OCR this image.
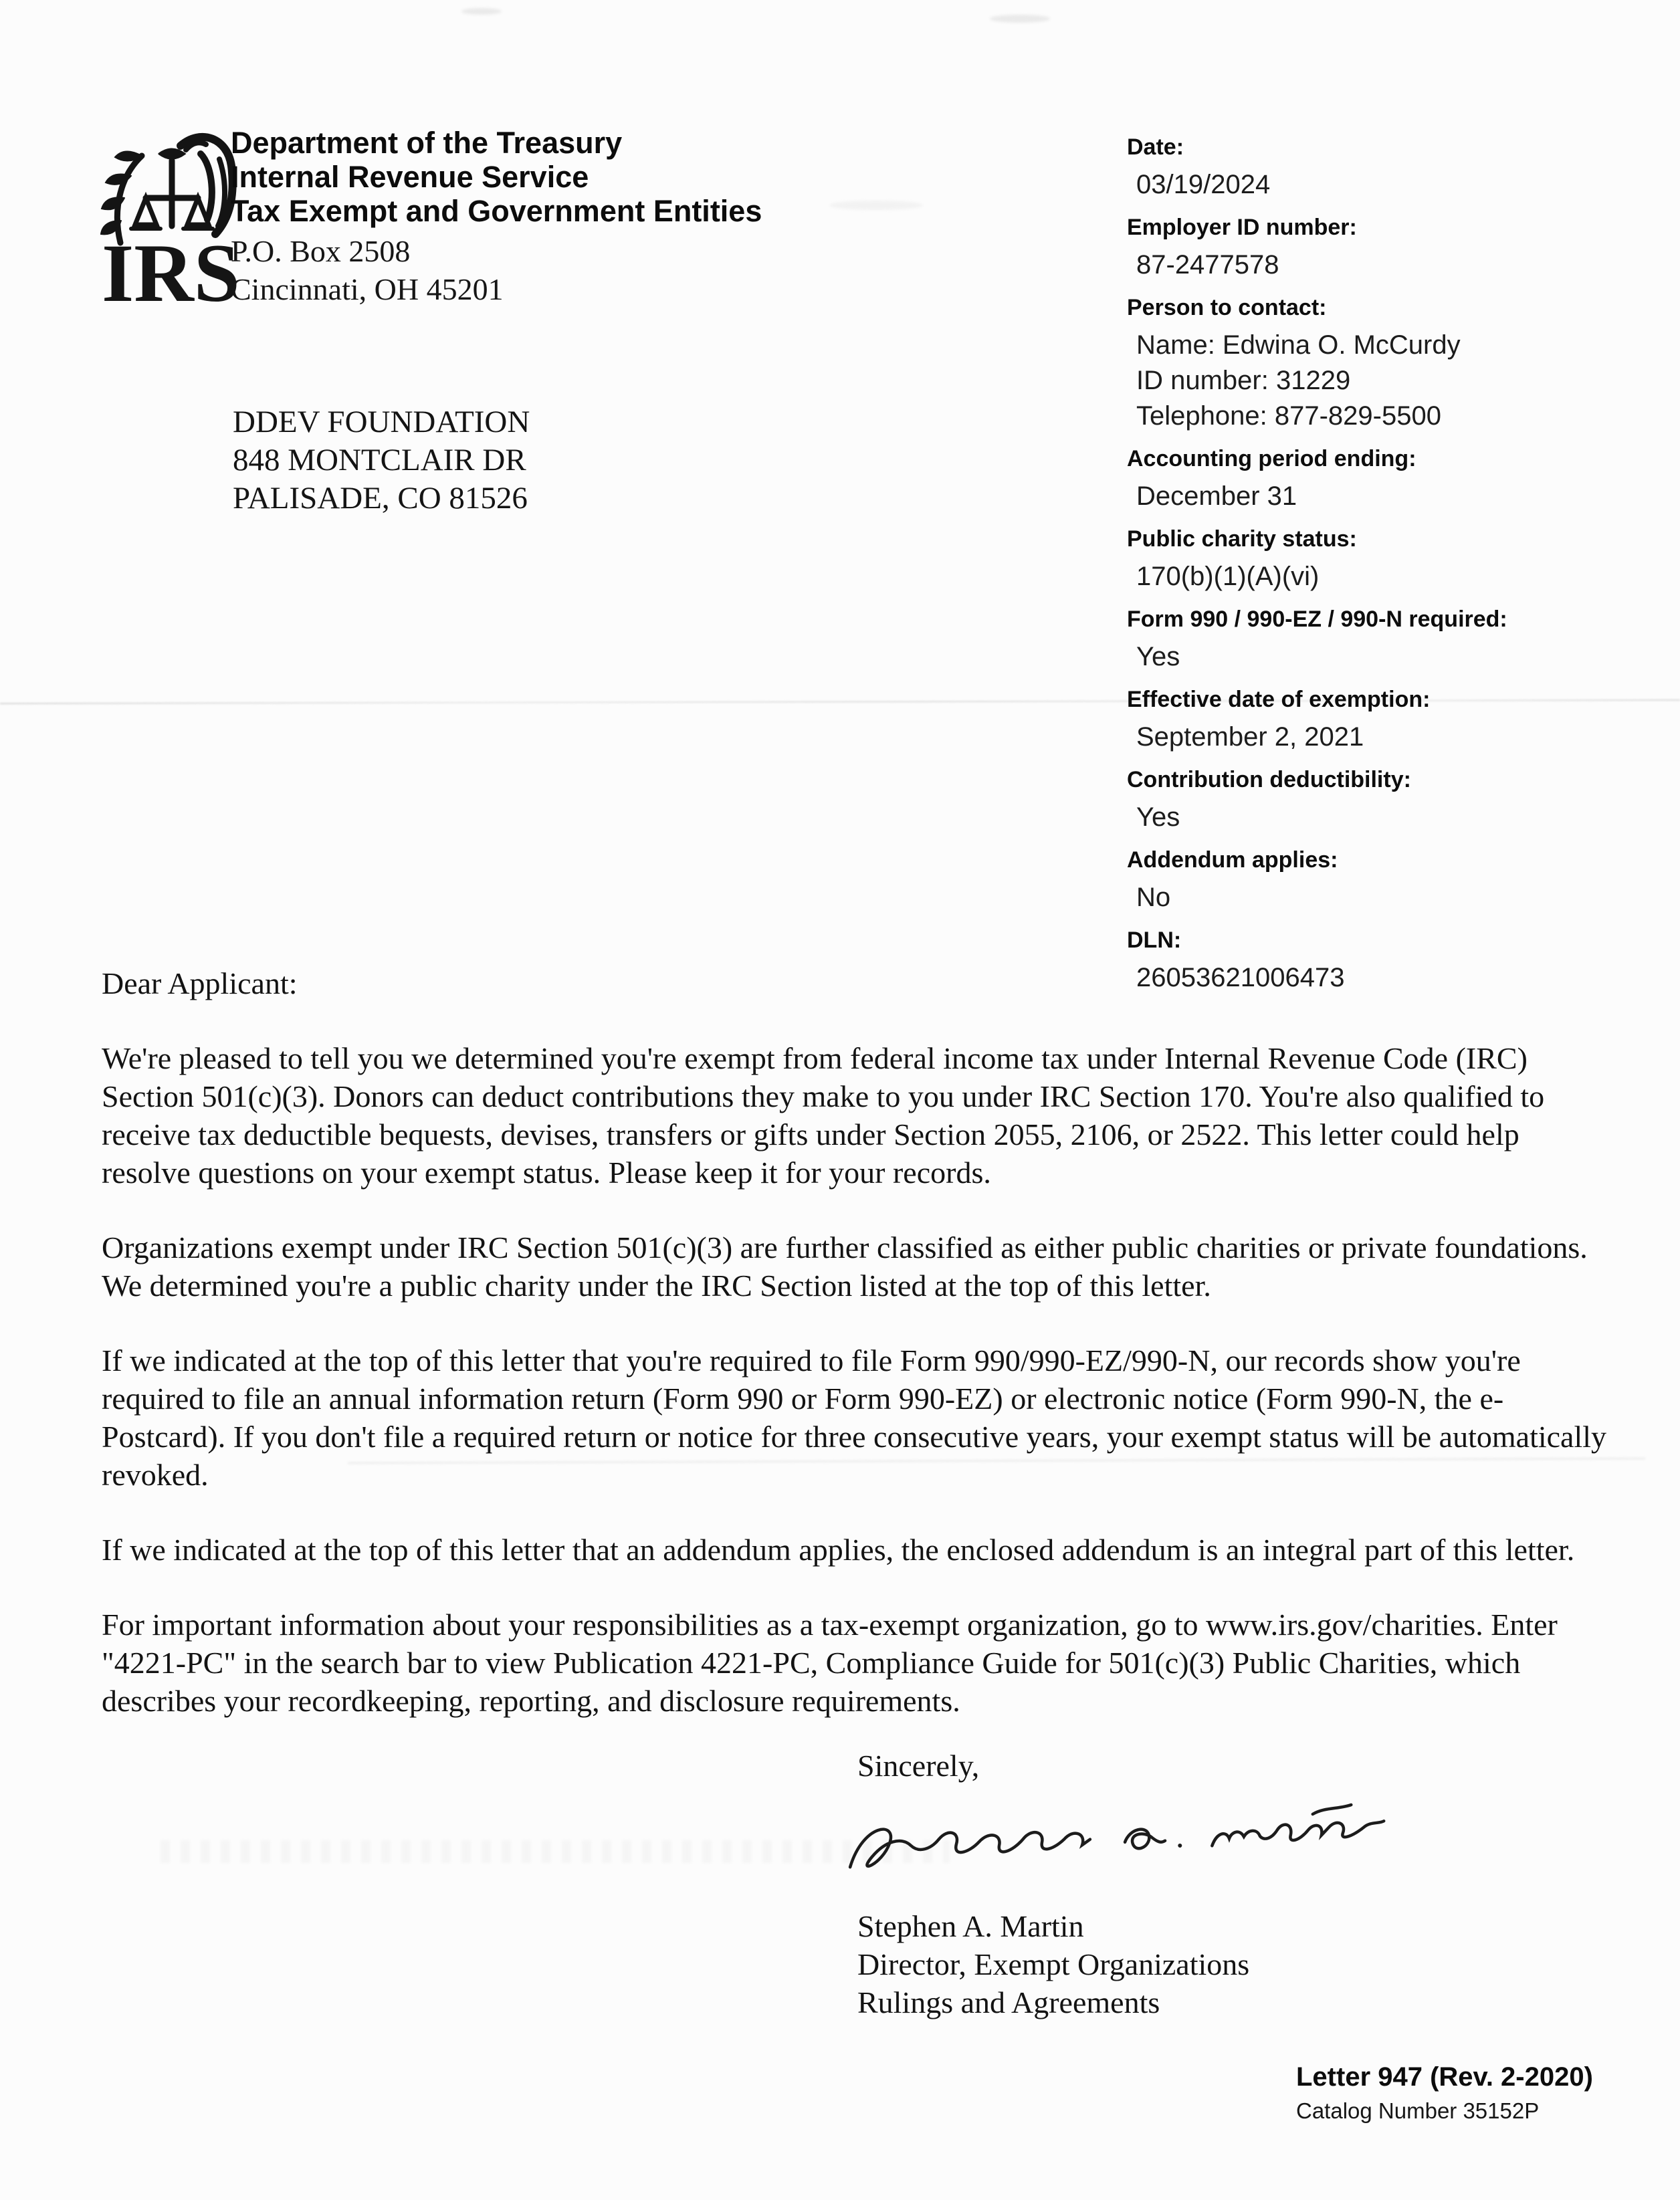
IRS
Department of the Treasury
Internal Revenue Service
Tax Exempt and Government Entities
P.O. Box 2508
Cincinnati, OH 45201
DDEV FOUNDATION
848 MONTCLAIR DR
PALISADE, CO 81526
Date:
03/19/2024
Employer ID number:
87-2477578
Person to contact:
Name: Edwina O. McCurdy
ID number: 31229
Telephone: 877-829-5500
Accounting period ending:
December 31
Public charity status:
170(b)(1)(A)(vi)
Form 990 / 990-EZ / 990-N required:
Yes
Effective date of exemption:
September 2, 2021
Contribution deductibility:
Yes
Addendum applies:
No
DLN:
26053621006473

Dear Applicant:

We're pleased to tell you we determined you're exempt from federal income tax under Internal Revenue Code (IRC) Section 501(c)(3). Donors can deduct contributions they make to you under IRC Section 170. You're also qualified to receive tax deductible bequests, devises, transfers or gifts under Section 2055, 2106, or 2522. This letter could help resolve questions on your exempt status. Please keep it for your records.

Organizations exempt under IRC Section 501(c)(3) are further classified as either public charities or private foundations. We determined you're a public charity under the IRC Section listed at the top of this letter.

If we indicated at the top of this letter that you're required to file Form 990/990-EZ/990-N, our records show you're required to file an annual information return (Form 990 or Form 990-EZ) or electronic notice (Form 990-N, the e-Postcard). If you don't file a required return or notice for three consecutive years, your exempt status will be automatically revoked.

If we indicated at the top of this letter that an addendum applies, the enclosed addendum is an integral part of this letter.

For important information about your responsibilities as a tax-exempt organization, go to www.irs.gov/charities. Enter "4221-PC" in the search bar to view Publication 4221-PC, Compliance Guide for 501(c)(3) Public Charities, which describes your recordkeeping, reporting, and disclosure requirements.

Sincerely,
Stephen A. Martin
Director, Exempt Organizations
Rulings and Agreements
Letter 947 (Rev. 2-2020)
Catalog Number 35152P
